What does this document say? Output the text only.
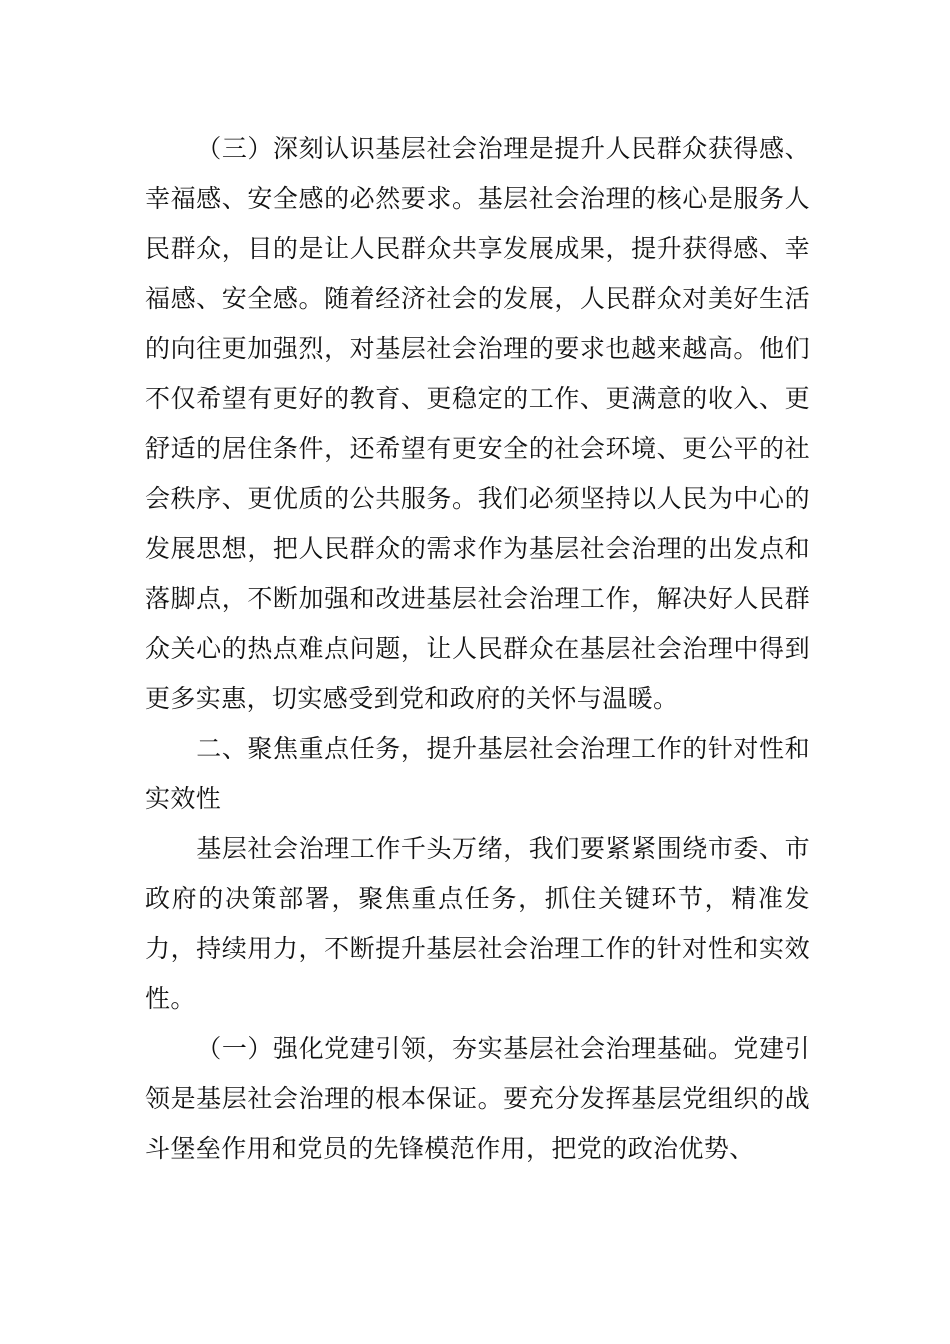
（三）深刻认识基层社会治理是提升人民群众获得感、幸福感、安全感的必然要求。基层社会治理的核心是服务人民群众，目的是让人民群众共享发展成果，提升获得感、幸福感、安全感。随着经济社会的发展，人民群众对美好生活的向往更加强烈，对基层社会治理的要求也越来越高。他们不仅希望有更好的教育、更稳定的工作、更满意的收入、更舒适的居住条件，还希望有更安全的社会环境、更公平的社会秩序、更优质的公共服务。我们必须坚持以人民为中心的发展思想，把人民群众的需求作为基层社会治理的出发点和落脚点，不断加强和改进基层社会治理工作，解决好人民群众关心的热点难点问题，让人民群众在基层社会治理中得到更多实惠，切实感受到党和政府的关怀与温暖。

二、聚焦重点任务，提升基层社会治理工作的针对性和实效性

基层社会治理工作千头万绪，我们要紧紧围绕市委、市政府的决策部署，聚焦重点任务，抓住关键环节，精准发力，持续用力，不断提升基层社会治理工作的针对性和实效性。

（一）强化党建引领，夯实基层社会治理基础。党建引领是基层社会治理的根本保证。要充分发挥基层党组织的战斗堡垒作用和党员的先锋模范作用，把党的政治优势、
